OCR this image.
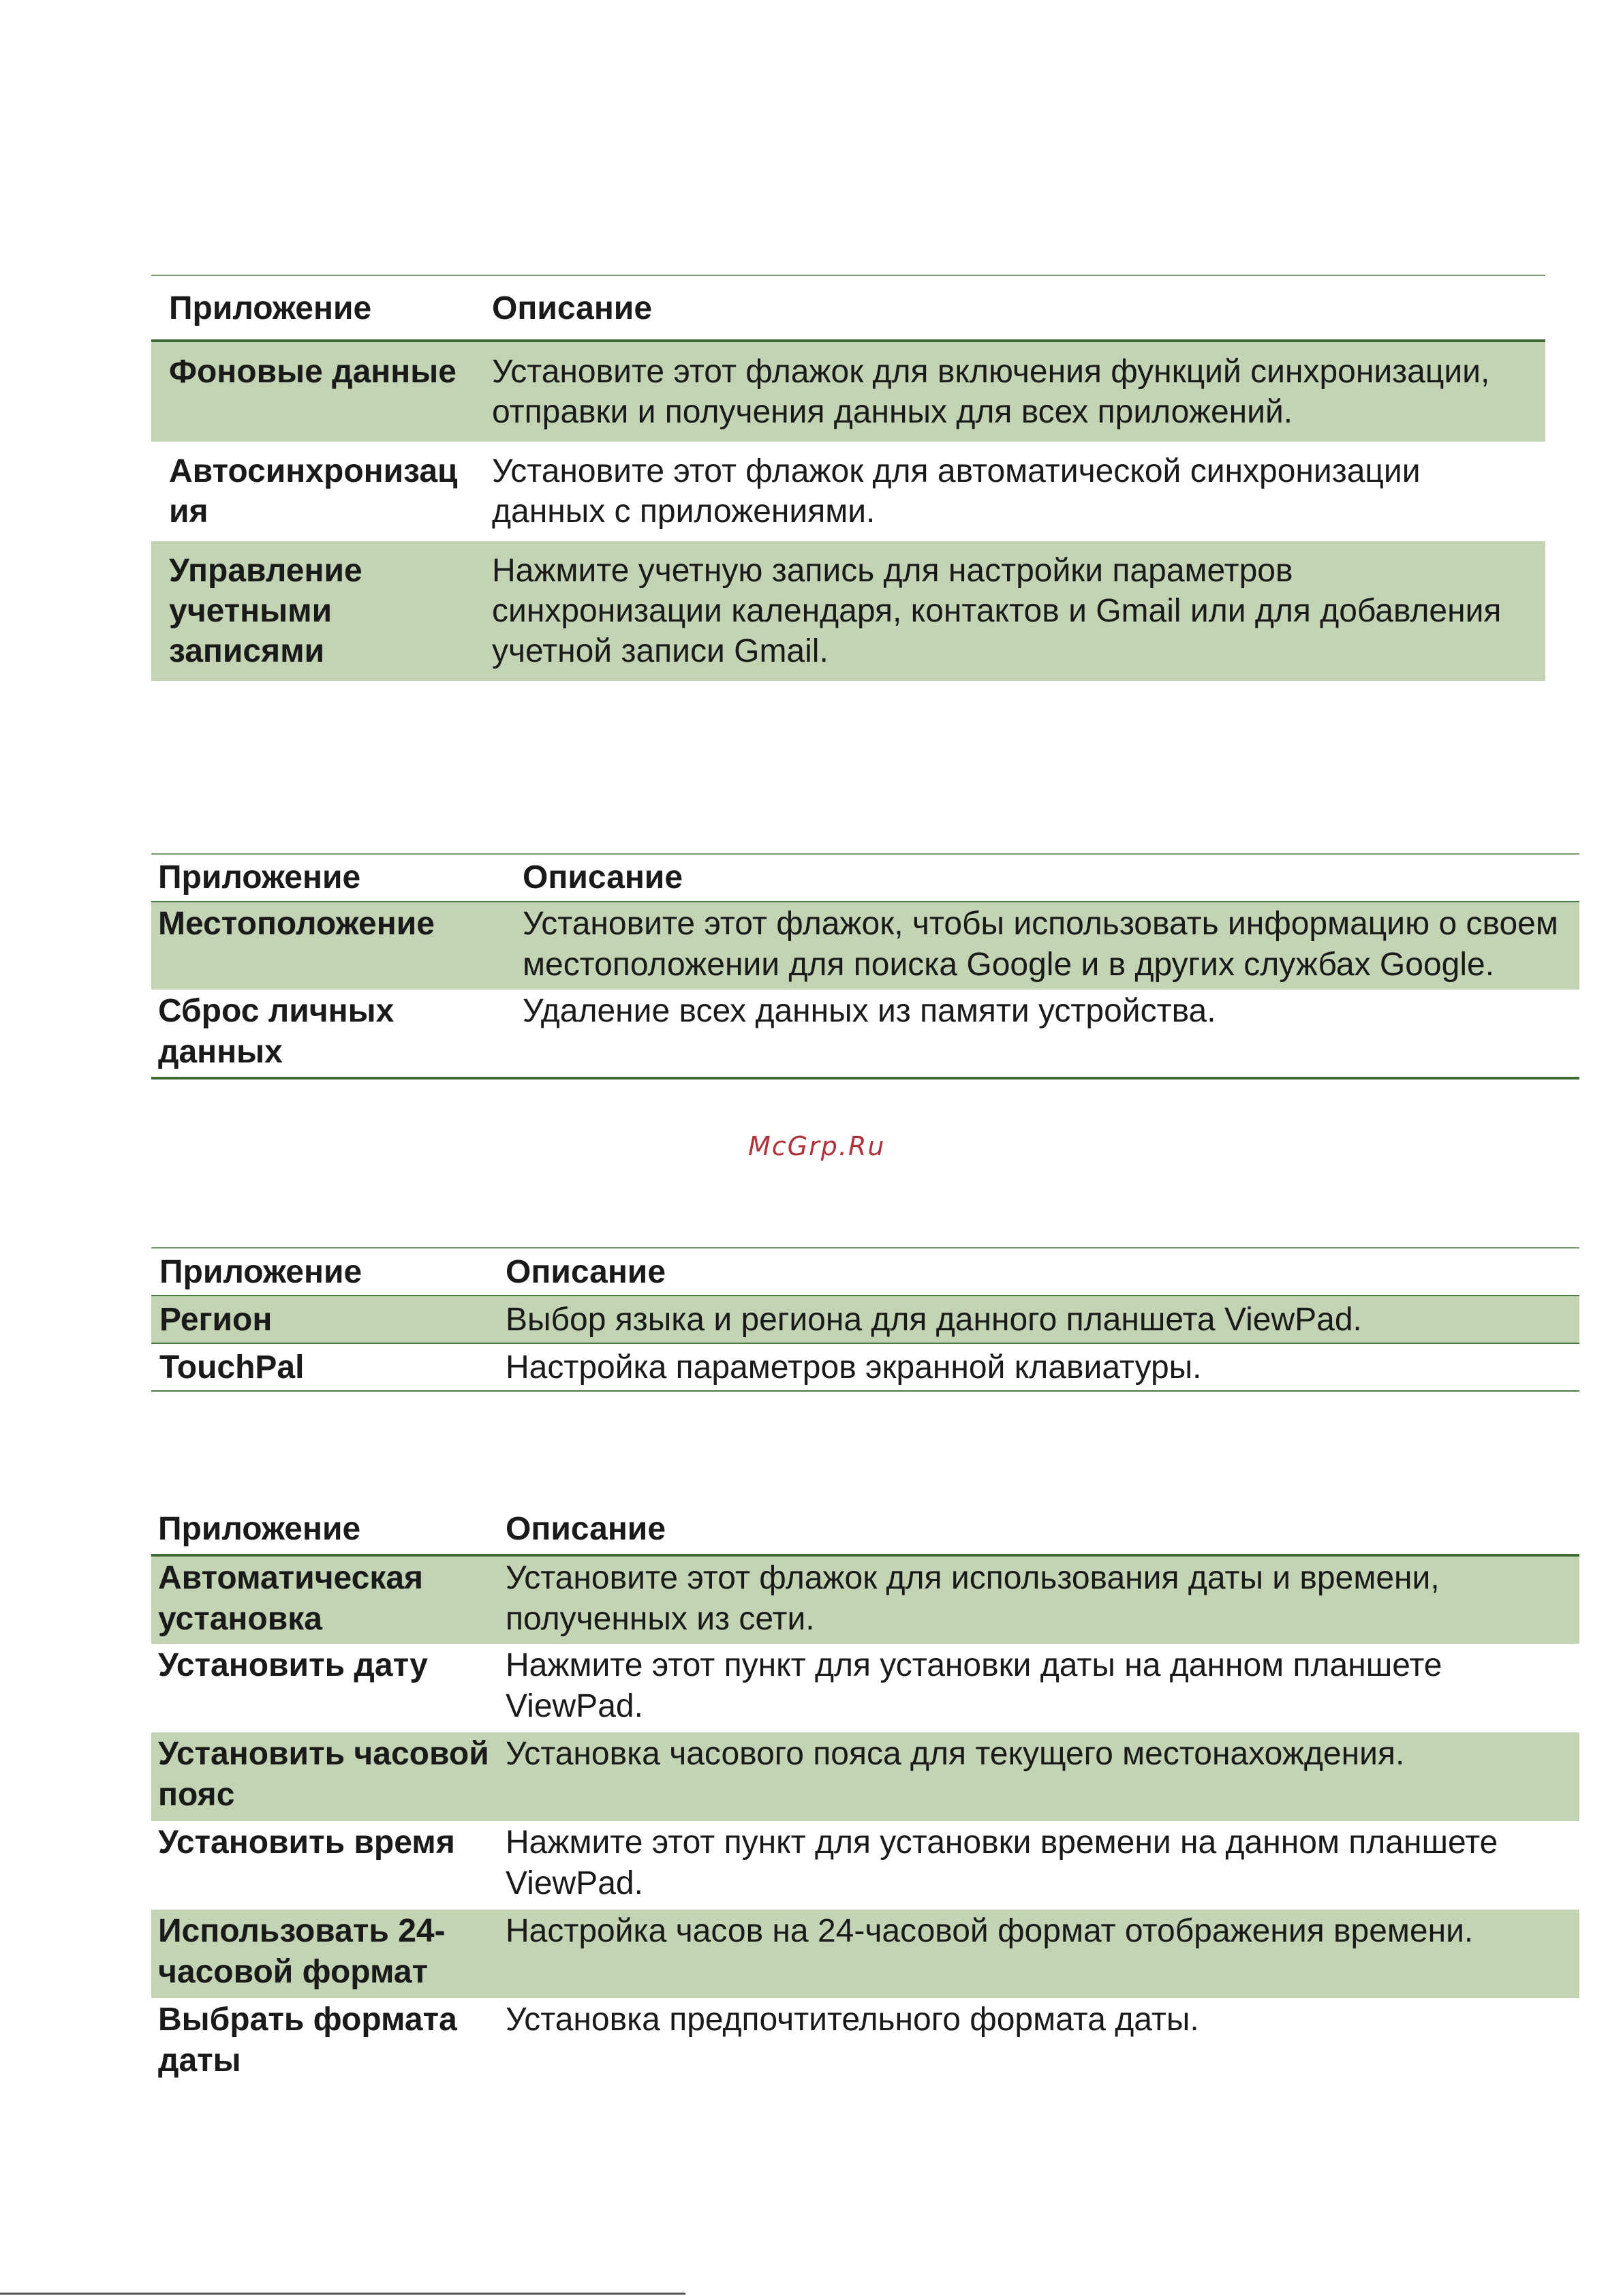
Приложение	Описание
Фоновые данные	Установите этот флажок для включения функций синхронизации, отправки и получения данных для всех приложений.
Автосинхронизац ия	Установите этот флажок для автоматической синхронизации данных с приложениями.
Управление учетными записями	Нажмите учетную запись для настройки параметров синхронизации календаря, контактов и Gmail или для добавления учетной записи Gmail.
Приложение	Описание
Местоположение	Установите этот флажок, чтобы использовать информацию о своем местоположении для поиска Google и в других службах Google.
Сброс личных данных	Удаление всех данных из памяти устройства.
McGrp.Ru
Приложение	Описание
Регион	Выбор языка и региона для данного планшета ViewPad.
TouchPal	Настройка параметров экранной клавиатуры.
Приложение	Описание
Автоматическая установка	Установите этот флажок для использования даты и времени, полученных из сети.
Установить дату	Нажмите этот пункт для установки даты на данном планшете ViewPad.
Установить часовой пояс	Установка часового пояса для текущего местонахождения.
Установить время	Нажмите этот пункт для установки времени на данном планшете ViewPad.
Использовать 24-часовой формат	Настройка часов на 24-часовой формат отображения времени.
Выбрать формата даты	Установка предпочтительного формата даты.
